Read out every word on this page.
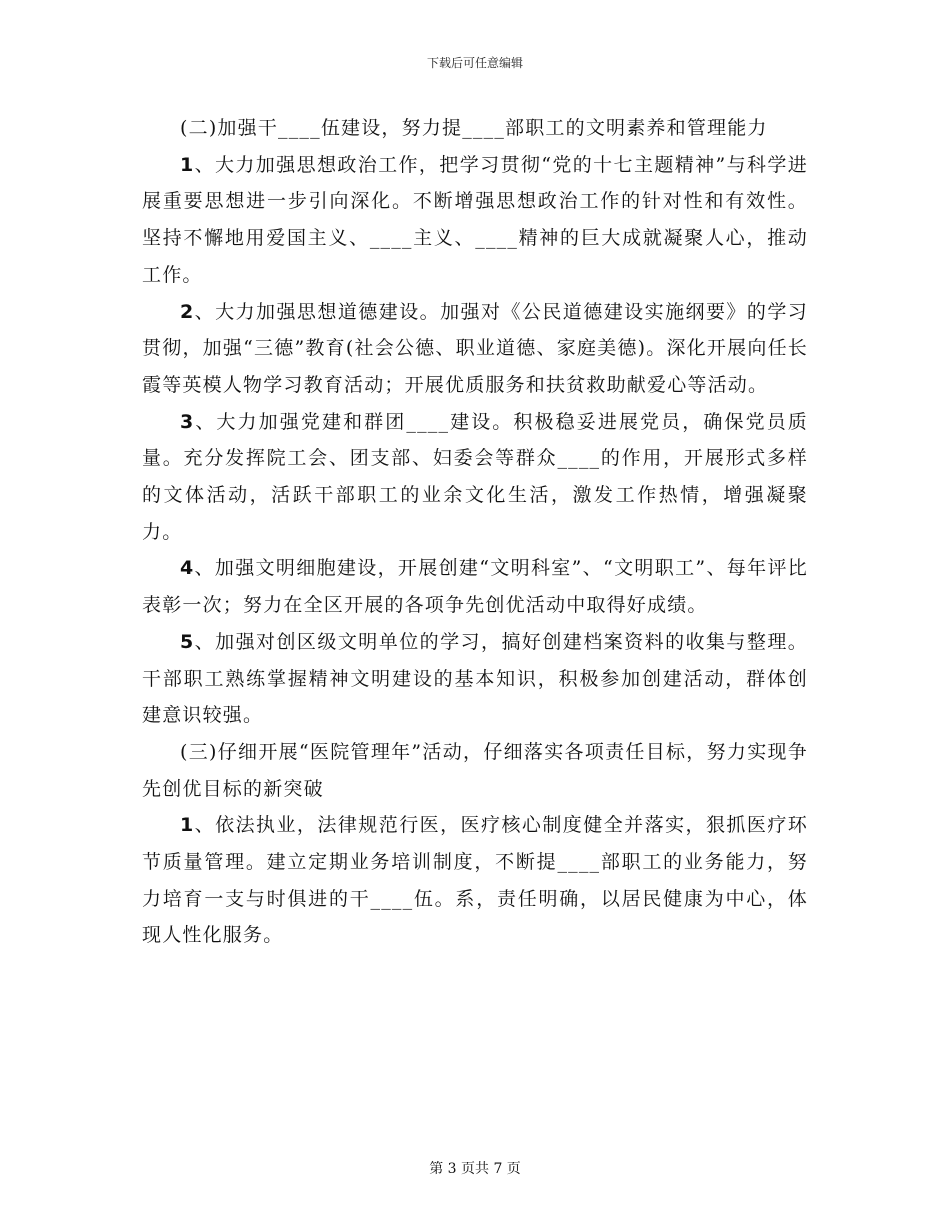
下载后可任意编辑

(二)加强干____伍建设，努力提____部职工的文明素养和管理能力

1、大力加强思想政治工作，把学习贯彻“党的十七主题精神”与科学进展重要思想进一步引向深化。不断增强思想政治工作的针对性和有效性。坚持不懈地用爱国主义、____主义、____精神的巨大成就凝聚人心，推动工作。

2、大力加强思想道德建设。加强对《公民道德建设实施纲要》的学习贯彻，加强“三德”教育(社会公德、职业道德、家庭美德)。深化开展向任长霞等英模人物学习教育活动；开展优质服务和扶贫救助献爱心等活动。

3、大力加强党建和群团____建设。积极稳妥进展党员，确保党员质量。充分发挥院工会、团支部、妇委会等群众____的作用，开展形式多样的文体活动，活跃干部职工的业余文化生活，激发工作热情，增强凝聚力。

4、加强文明细胞建设，开展创建“文明科室”、“文明职工”、每年评比表彰一次；努力在全区开展的各项争先创优活动中取得好成绩。

5、加强对创区级文明单位的学习，搞好创建档案资料的收集与整理。干部职工熟练掌握精神文明建设的基本知识，积极参加创建活动，群体创建意识较强。

(三)仔细开展“医院管理年”活动，仔细落实各项责任目标，努力实现争先创优目标的新突破

1、依法执业，法律规范行医，医疗核心制度健全并落实，狠抓医疗环节质量管理。建立定期业务培训制度，不断提____部职工的业务能力，努力培育一支与时俱进的干____伍。系，责任明确，以居民健康为中心，体现人性化服务。

第 3 页共 7 页
